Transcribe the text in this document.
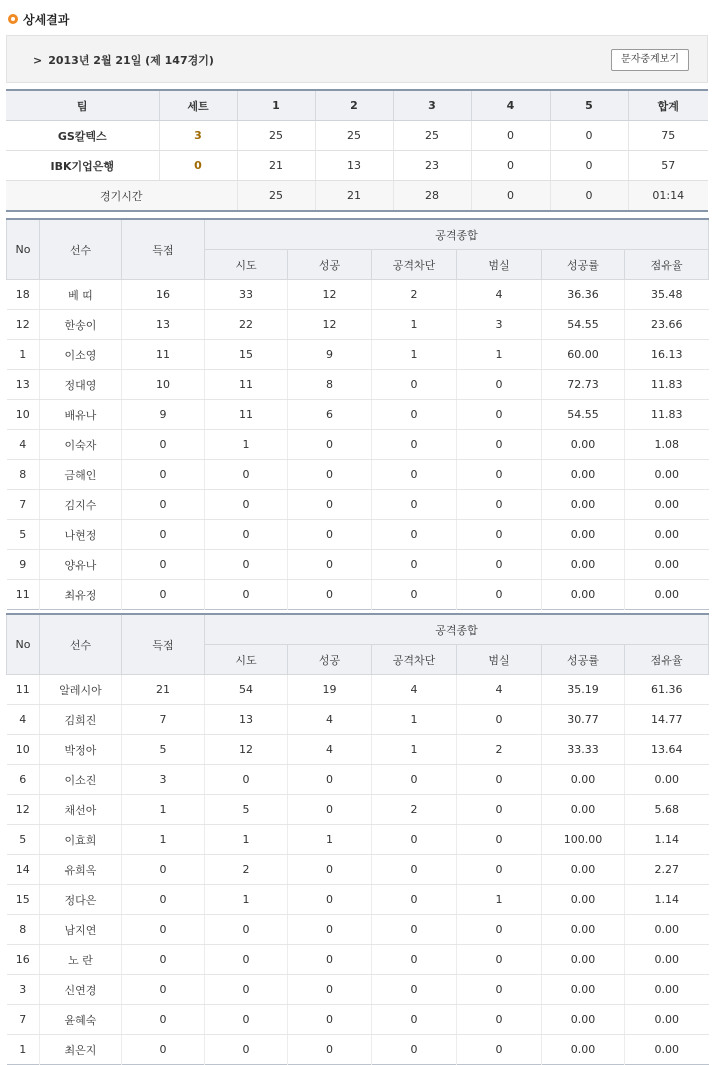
상세결과
> 2013년 2월 21일 (제 147경기)	문자중계보기
팀	세트	1	2	3	4	5	합계
GS칼텍스	3	25	25	25	0	0	75
IBK기업은행	0	21	13	23	0	0	57
경기시간		25	21	28	0	0	01:14
No	선수	득점	공격종합					
			시도	성공	공격차단	범실	성공률	점유율
18	베 띠	16	33	12	2	4	36.36	35.48
12	한송이	13	22	12	1	3	54.55	23.66
1	이소영	11	15	9	1	1	60.00	16.13
13	정대영	10	11	8	0	0	72.73	11.83
10	배유나	9	11	6	0	0	54.55	11.83
4	이숙자	0	1	0	0	0	0.00	1.08
8	금해인	0	0	0	0	0	0.00	0.00
7	김지수	0	0	0	0	0	0.00	0.00
5	나현정	0	0	0	0	0	0.00	0.00
9	양유나	0	0	0	0	0	0.00	0.00
11	최유정	0	0	0	0	0	0.00	0.00
No	선수	득점	공격종합					
			시도	성공	공격차단	범실	성공률	점유율
11	알레시아	21	54	19	4	4	35.19	61.36
4	김희진	7	13	4	1	0	30.77	14.77
10	박정아	5	12	4	1	2	33.33	13.64
6	이소진	3	0	0	0	0	0.00	0.00
12	채선아	1	5	0	2	0	0.00	5.68
5	이효희	1	1	1	0	0	100.00	1.14
14	유희옥	0	2	0	0	0	0.00	2.27
15	정다은	0	1	0	0	1	0.00	1.14
8	남지연	0	0	0	0	0	0.00	0.00
16	노 란	0	0	0	0	0	0.00	0.00
3	신연경	0	0	0	0	0	0.00	0.00
7	윤혜숙	0	0	0	0	0	0.00	0.00
1	최은지	0	0	0	0	0	0.00	0.00
